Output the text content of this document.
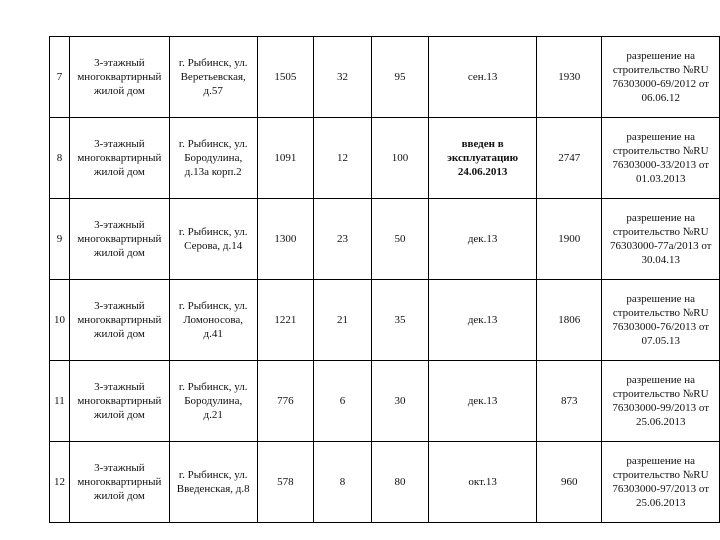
7	3-этажный
многоквартирный
жилой дом	г. Рыбинск, ул.
Веретьевская,
д.57	1505	32	95	сен.13	1930	разрешение на
строительство №RU
76303000-69/2012 от
06.06.12

8	3-этажный
многоквартирный
жилой дом	г. Рыбинск, ул.
Бородулина,
д.13а корп.2	1091	12	100	введен в
эксплуатацию
24.06.2013	2747	разрешение на
строительство №RU
76303000-33/2013 от
01.03.2013

9	3-этажный
многоквартирный
жилой дом	г. Рыбинск, ул.
Серова, д.14	1300	23	50	дек.13	1900	разрешение на
строительство №RU
76303000-77а/2013 от
30.04.13

10	3-этажный
многоквартирный
жилой дом	г. Рыбинск, ул.
Ломоносова,
д.41	1221	21	35	дек.13	1806	разрешение на
строительство №RU
76303000-76/2013 от
07.05.13

11	3-этажный
многоквартирный
жилой дом	г. Рыбинск, ул.
Бородулина,
д.21	776	6	30	дек.13	873	разрешение на
строительство №RU
76303000-99/2013 от
25.06.2013

12	3-этажный
многоквартирный
жилой дом	г. Рыбинск, ул.
Введенская, д.8	578	8	80	окт.13	960	разрешение на
строительство №RU
76303000-97/2013 от
25.06.2013
